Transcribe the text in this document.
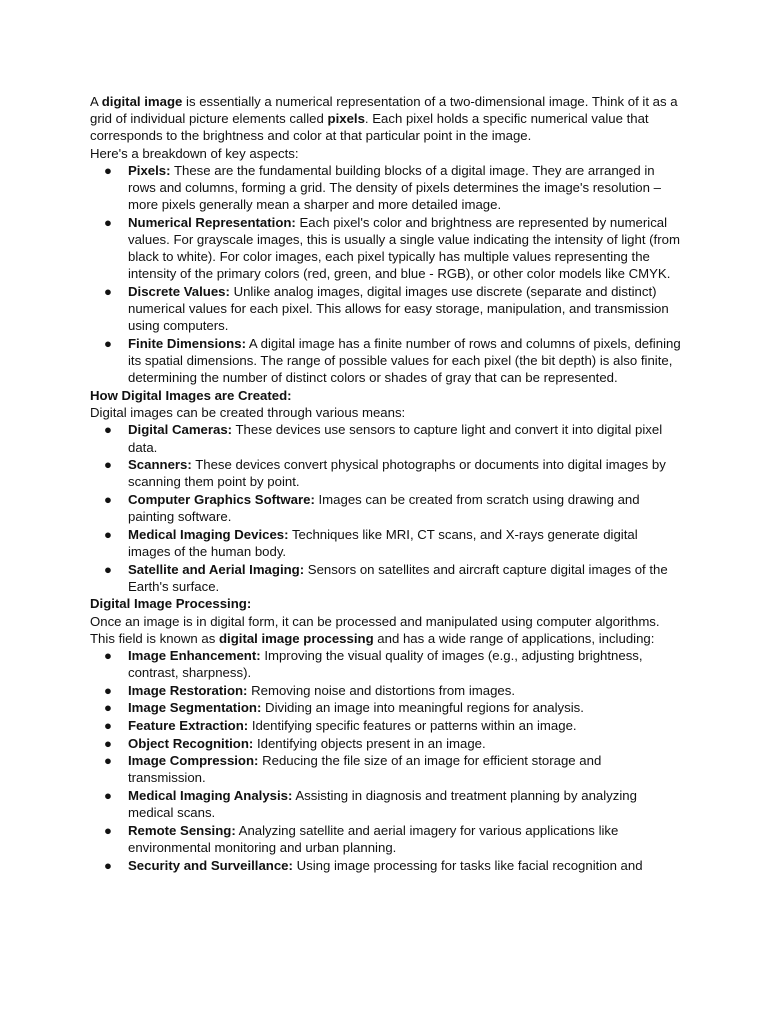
A digital image is essentially a numerical representation of a two-dimensional image. Think of it as a grid of individual picture elements called pixels. Each pixel holds a specific numerical value that corresponds to the brightness and color at that particular point in the image.

Here's a breakdown of key aspects:

● Pixels: These are the fundamental building blocks of a digital image. They are arranged in rows and columns, forming a grid. The density of pixels determines the image's resolution – more pixels generally mean a sharper and more detailed image.
● Numerical Representation: Each pixel's color and brightness are represented by numerical values. For grayscale images, this is usually a single value indicating the intensity of light (from black to white). For color images, each pixel typically has multiple values representing the intensity of the primary colors (red, green, and blue - RGB), or other color models like CMYK.
● Discrete Values: Unlike analog images, digital images use discrete (separate and distinct) numerical values for each pixel. This allows for easy storage, manipulation, and transmission using computers.
● Finite Dimensions: A digital image has a finite number of rows and columns of pixels, defining its spatial dimensions. The range of possible values for each pixel (the bit depth) is also finite, determining the number of distinct colors or shades of gray that can be represented.

How Digital Images are Created:

Digital images can be created through various means:

● Digital Cameras: These devices use sensors to capture light and convert it into digital pixel data.
● Scanners: These devices convert physical photographs or documents into digital images by scanning them point by point.
● Computer Graphics Software: Images can be created from scratch using drawing and painting software.
● Medical Imaging Devices: Techniques like MRI, CT scans, and X-rays generate digital images of the human body.
● Satellite and Aerial Imaging: Sensors on satellites and aircraft capture digital images of the Earth's surface.

Digital Image Processing:

Once an image is in digital form, it can be processed and manipulated using computer algorithms. This field is known as digital image processing and has a wide range of applications, including:

● Image Enhancement: Improving the visual quality of images (e.g., adjusting brightness, contrast, sharpness).
● Image Restoration: Removing noise and distortions from images.
● Image Segmentation: Dividing an image into meaningful regions for analysis.
● Feature Extraction: Identifying specific features or patterns within an image.
● Object Recognition: Identifying objects present in an image.
● Image Compression: Reducing the file size of an image for efficient storage and transmission.
● Medical Imaging Analysis: Assisting in diagnosis and treatment planning by analyzing medical scans.
● Remote Sensing: Analyzing satellite and aerial imagery for various applications like environmental monitoring and urban planning.
● Security and Surveillance: Using image processing for tasks like facial recognition and
